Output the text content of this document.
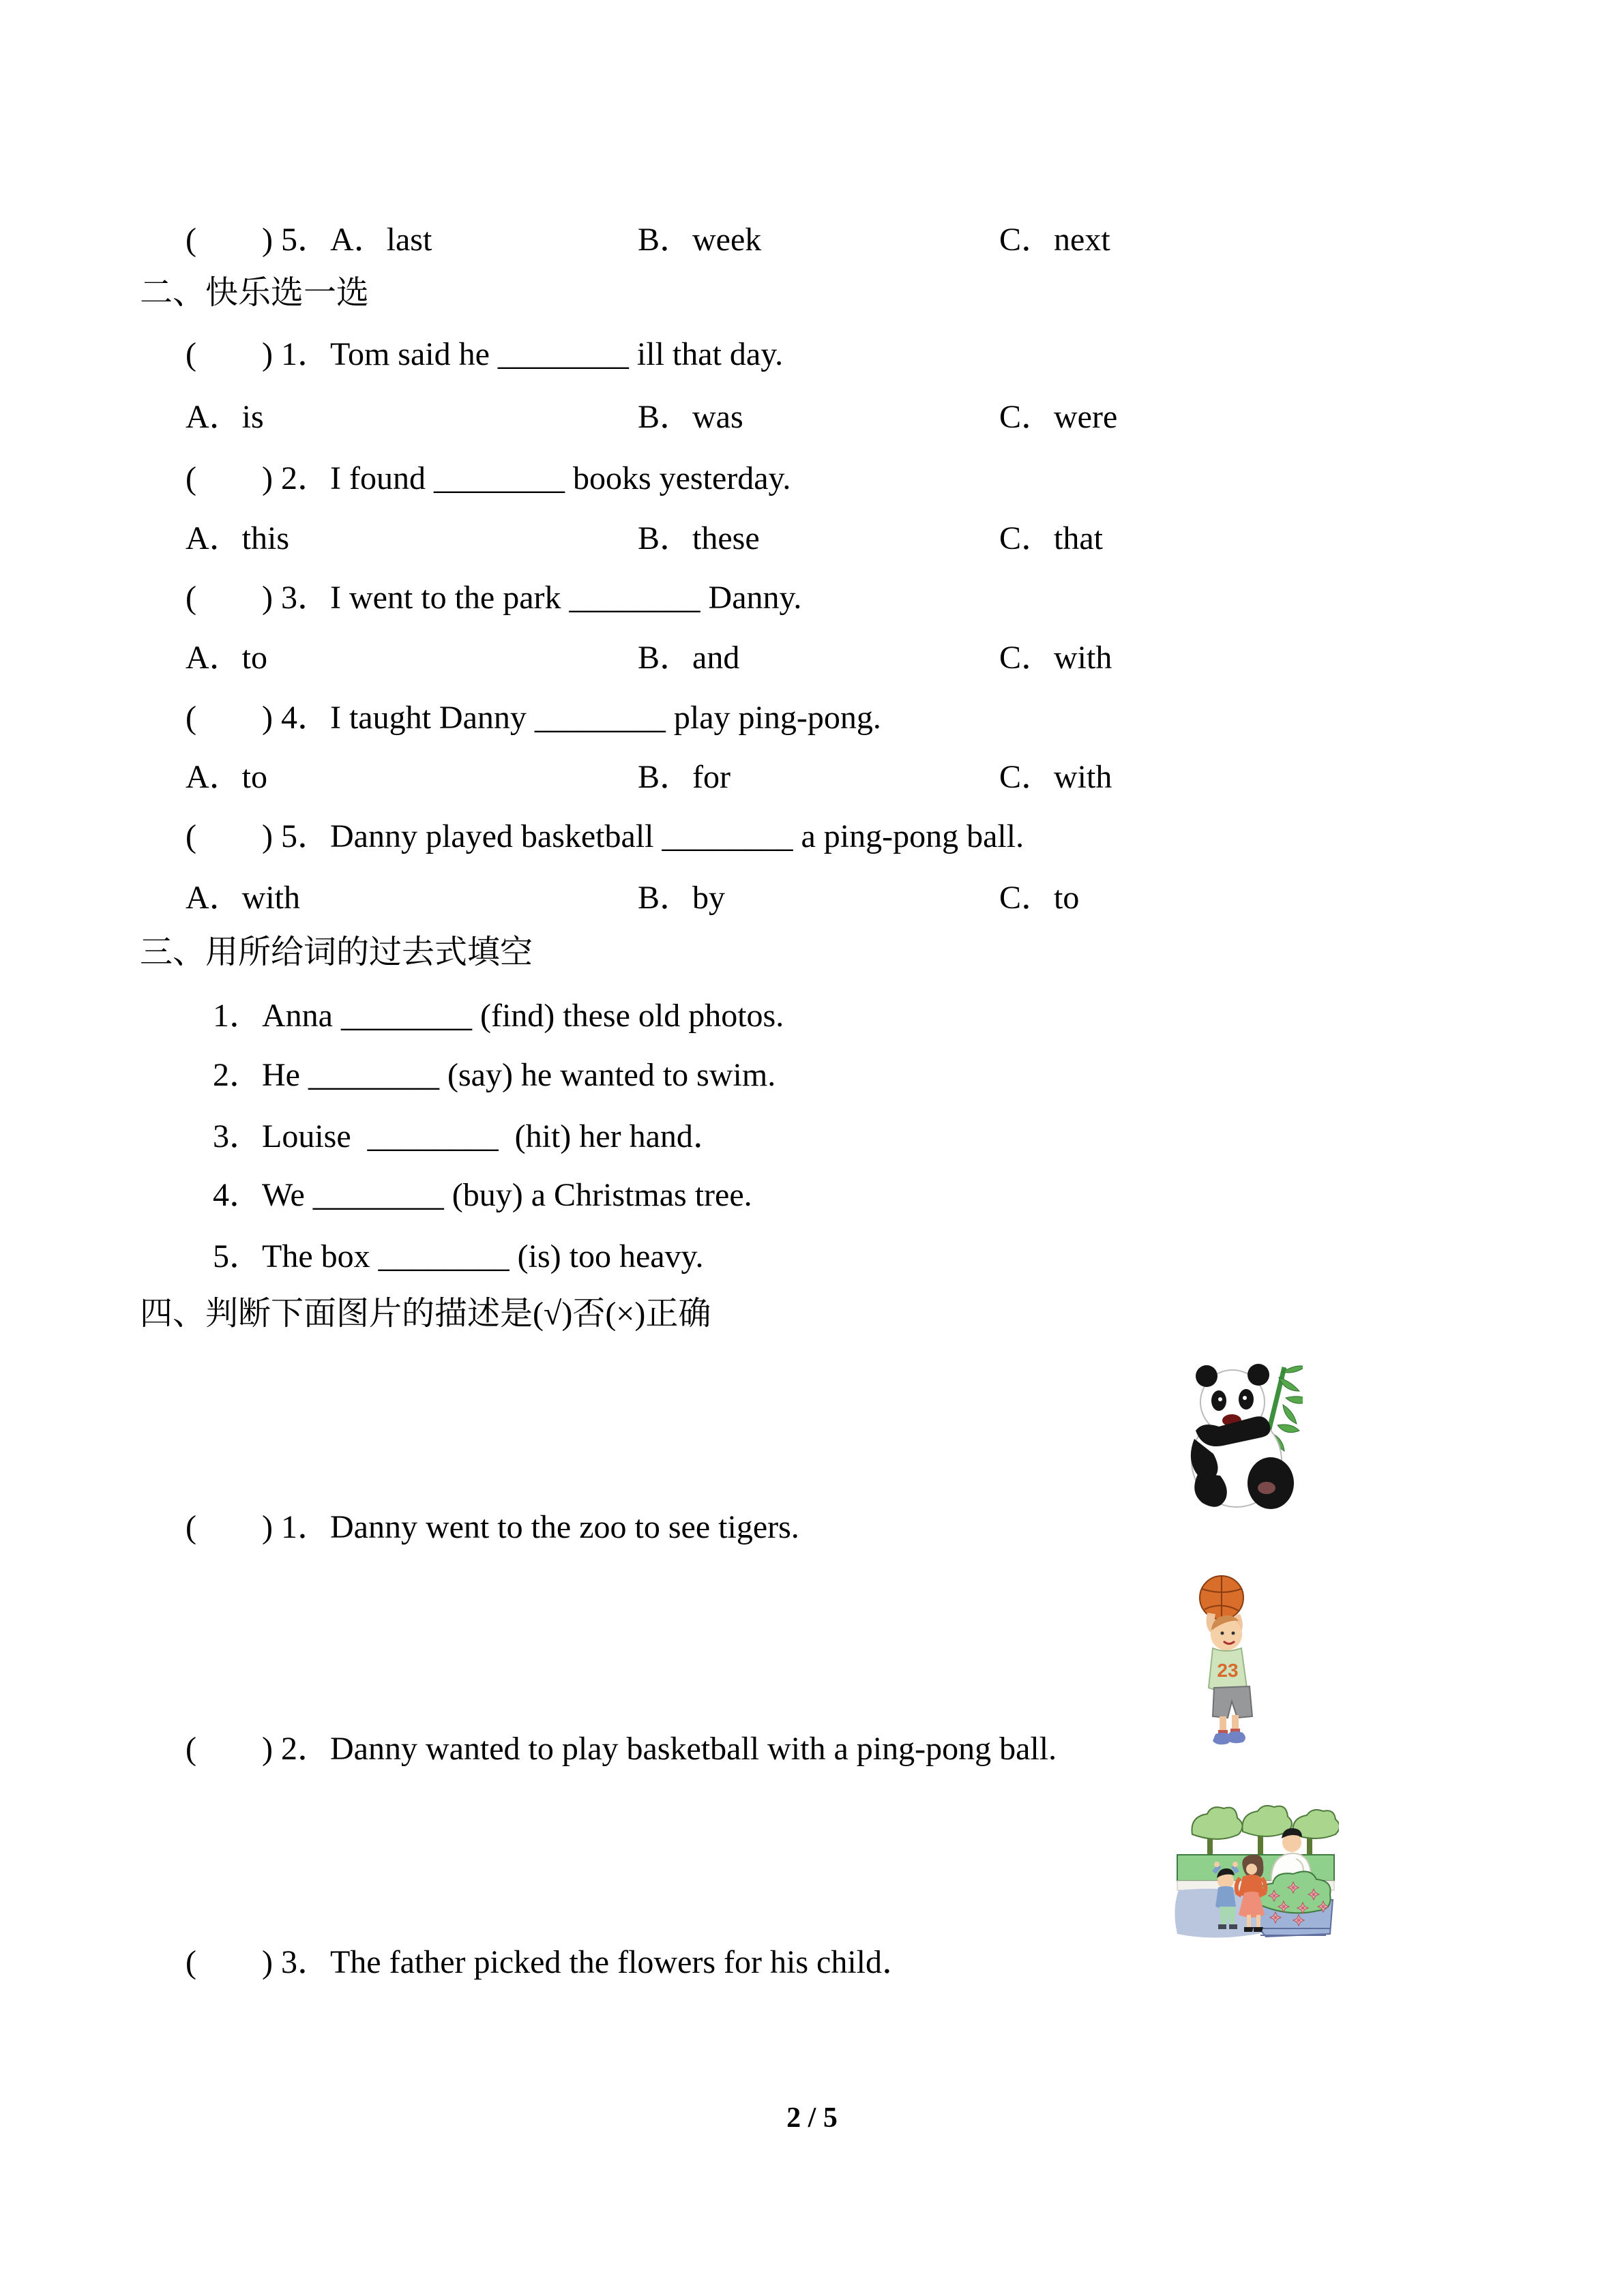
(  ) 5．A．last	B．week	C．next
二、快乐选一选
(  ) 1．Tom said he ________ ill that day.
A．is	B．was	C．were
(  ) 2．I found ________ books yesterday.
A．this	B．these	C．that
(  ) 3．I went to the park ________ Danny.
A．to	B．and	C．with
(  ) 4．I taught Danny ________ play ping-pong.
A．to	B．for	C．with
(  ) 5．Danny played basketball ________ a ping-pong ball.
A．with	B．by	C．to
三、用所给词的过去式填空
1．Anna ________ (find) these old photos.
2．He ________ (say) he wanted to swim.
3．Louise  ________  (hit) her hand．
4．We ________ (buy) a Christmas tree.
5．The box ________ (is) too heavy.
四、判断下面图片的描述是(√)否(×)正确
(  ) 1．Danny went to the zoo to see tigers.
23
(  ) 2．Danny wanted to play basketball with a ping-pong ball.
(  ) 3．The father picked the flowers for his child．
2 / 5
